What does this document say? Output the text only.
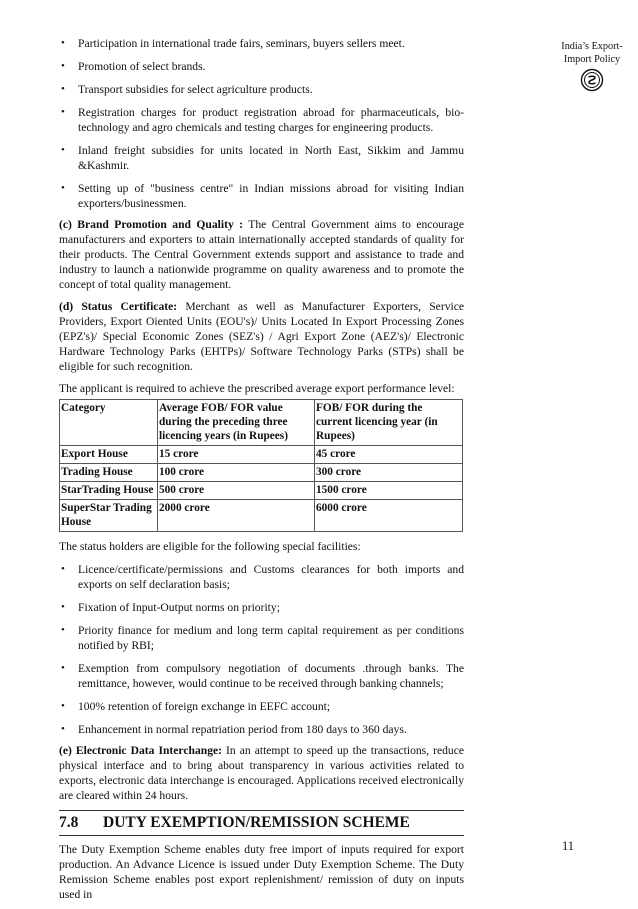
India’s Export-
Import Policy
• Participation in international trade fairs, seminars, buyers sellers meet.
• Promotion of select brands.
• Transport subsidies for select agriculture products.
• Registration charges for product registration abroad for pharmaceuticals, bio-technology and agro chemicals and testing charges for engineering products.
• Inland freight subsidies for units located in North East, Sikkim and Jammu &Kashmir.
• Setting up of "business centre" in Indian missions abroad for visiting Indian exporters/businessmen.

(c) Brand Promotion and Quality : The Central Government aims to encourage manufacturers and exporters to attain internationally accepted standards of quality for their products. The Central Government extends support and assistance to trade and industry to launch a nationwide programme on quality awareness and to promote the concept of total quality management.

(d) Status Certificate: Merchant as well as Manufacturer Exporters, Service Providers, Export Oiented Units (EOU's)/ Units Located In Export Processing Zones (EPZ's)/ Special Economic Zones (SEZ's) / Agri Export Zone (AEZ's)/ Electronic Hardware Technology Parks (EHTPs)/ Software Technology Parks (STPs) shall be eligible for such recognition.

The applicant is required to achieve the prescribed average export performance level:

Category	Average FOB/ FOR value during the preceding three licencing years (in Rupees)	FOB/ FOR during the current licencing year (in Rupees)
Export House	15 crore	45 crore
Trading House	100 crore	300 crore
StarTrading House	500 crore	1500 crore
SuperStar Trading House	2000 crore	6000 crore

The status holders are eligible for the following special facilities:

• Licence/certificate/permissions and Customs clearances for both imports and exports on self declaration basis;
• Fixation of Input-Output norms on priority;
• Priority finance for medium and long term capital requirement as per conditions notified by RBI;
• Exemption from compulsory negotiation of documents .through banks. The remittance, however, would continue to be received through banking channels;
• 100% retention of foreign exchange in EEFC account;
• Enhancement in normal repatriation period from 180 days to 360 days.

(e) Electronic Data Interchange: In an attempt to speed up the transactions, reduce physical interface and to bring about transparency in various activities related to exports, electronic data interchange is encouraged. Applications received electronically are cleared within 24 hours.

7.8 DUTY EXEMPTION/REMISSION SCHEME

The Duty Exemption Scheme enables duty free import of inputs required for export production. An Advance Licence is issued under Duty Exemption Scheme. The Duty Remission Scheme enables post export replenishment/ remission of duty on inputs used in

11
